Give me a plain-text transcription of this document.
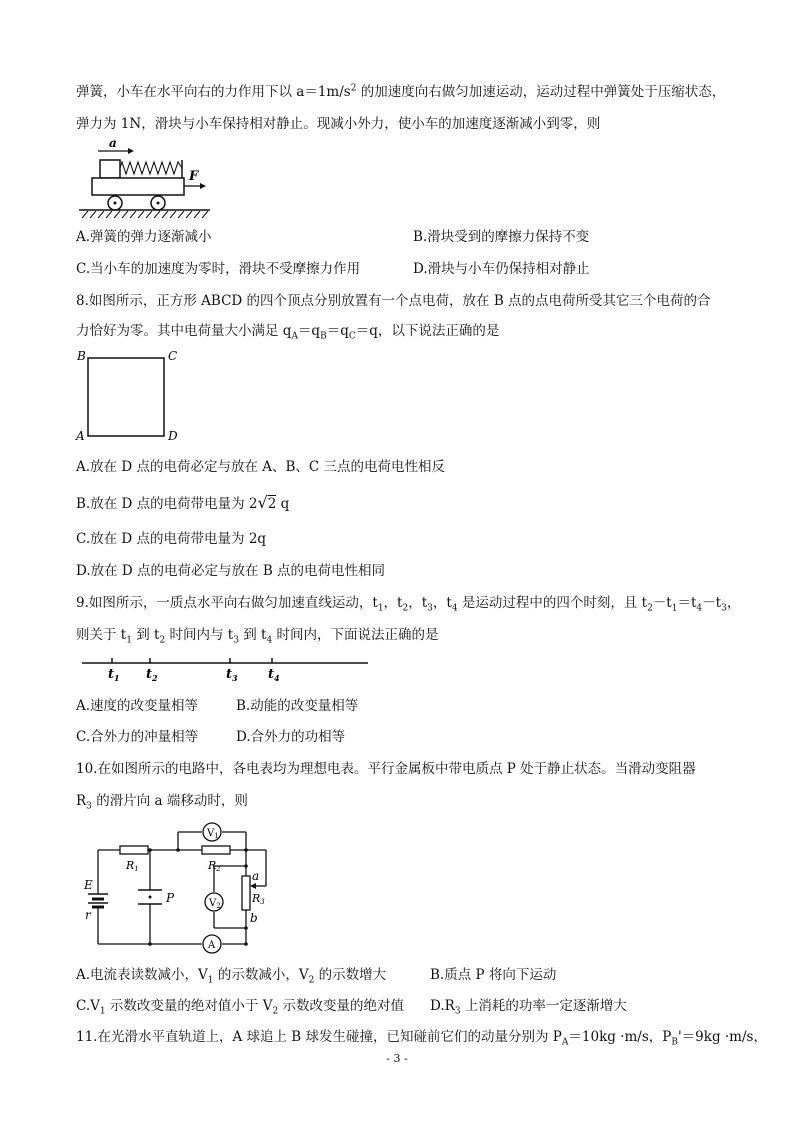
弹簧，小车在水平向右的力作用下以 $a=1m/s^2$ 的加速度向右做匀加速运动，运动过程中弹簧处于压缩状态，
弹力为 1N，滑块与小车保持相对静止。现减小外力，使小车的加速度逐渐减小到零，则
a
F
A.弹簧的弹力逐渐减小	B.滑块受到的摩擦力保持不变
C.当小车的加速度为零时，滑块不受摩擦力作用	D.滑块与小车仍保持相对静止
8.如图所示，正方形 ABCD 的四个顶点分别放置有一个点电荷，放在 B 点的点电荷所受其它三个电荷的合
力恰好为零。其中电荷量大小满足 $q_A=q_B=q_C=q$，以下说法正确的是
B	C
A	D
A.放在 D 点的电荷必定与放在 A、B、C 三点的电荷电性相反
B.放在 D 点的电荷带电量为 2√2 q
C.放在 D 点的电荷带电量为 2q
D.放在 D 点的电荷必定与放在 B 点的电荷电性相同
9.如图所示，一质点水平向右做匀加速直线运动，$t_1$，$t_2$，$t_3$，$t_4$ 是运动过程中的四个时刻，且 $t_2-t_1=t_4-t_3$，
则关于 $t_1$ 到 $t_2$ 时间内与 $t_3$ 到 $t_4$ 时间内，下面说法正确的是
$t_1$ $t_2$	$t_3$ $t_4$
A.速度的改变量相等	B.动能的改变量相等
C.合外力的冲量相等	D.合外力的功相等
10.在如图所示的电路中，各电表均为理想电表。平行金属板中带电质点 P 处于静止状态。当滑动变阻器
$R_3$ 的滑片向 a 端移动时，则
$V_1$
$V_2$
A
E
r
P
R1	R2
R3
a
b
A.电流表读数减小，$V_1$ 的示数减小，$V_2$ 的示数增大	B.质点 P 将向下运动
$C.V_1$ 示数改变量的绝对值小于 $V_2$ 示数改变量的绝对值 $D.R_3$ 上消耗的功率一定逐渐增大
11.在光滑水平直轨道上，A 球追上 B 球发生碰撞，已知碰前它们的动量分别为 $P_A=10kg \cdot m/s$，$P_B'=9kg \cdot m/s$，
- 3 -
